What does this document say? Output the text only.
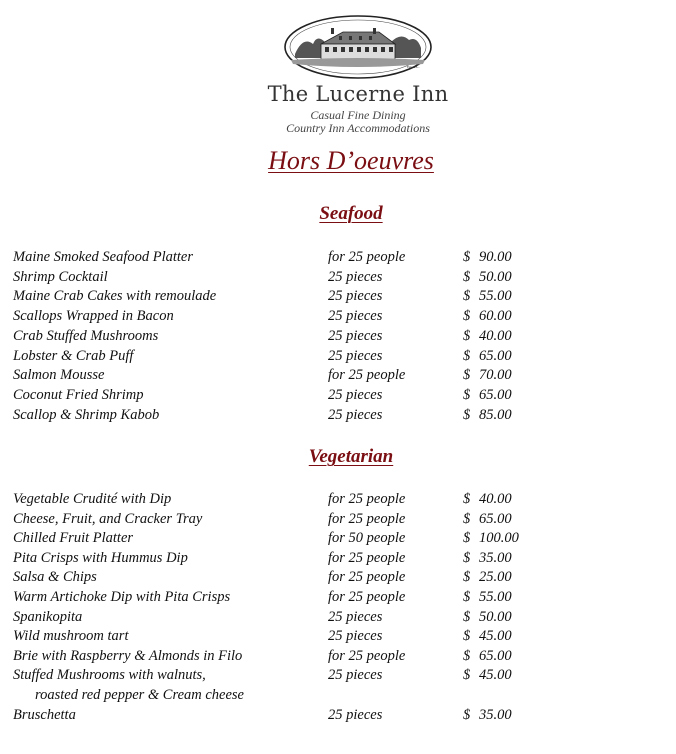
Est. 18--
The Lucerne Inn
Casual Fine Dining
Country Inn Accommodations
Hors D’oeuvres
Seafood
Vegetarian
Maine Smoked Seafood Platter	for 25 people	$ 90.00
Shrimp Cocktail	25 pieces	$ 50.00
Maine Crab Cakes with remoulade	25 pieces	$ 55.00
Scallops Wrapped in Bacon	25 pieces	$ 60.00
Crab Stuffed Mushrooms	25 pieces	$ 40.00
Lobster & Crab Puff	25 pieces	$ 65.00
Salmon Mousse	for 25 people	$ 70.00
Coconut Fried Shrimp	25 pieces	$ 65.00
Scallop & Shrimp Kabob	25 pieces	$ 85.00
Vegetable Crudité with Dip	for 25 people	$ 40.00
Cheese, Fruit, and Cracker Tray	for 25 people	$ 65.00
Chilled Fruit Platter	for 50 people	$ 100.00
Pita Crisps with Hummus Dip	for 25 people	$ 35.00
Salsa & Chips	for 25 people	$ 25.00
Warm Artichoke Dip with Pita Crisps	for 25 people	$ 55.00
Spanikopita	25 pieces	$ 50.00
Wild mushroom tart	25 pieces	$ 45.00
Brie with Raspberry & Almonds in Filo	for 25 people	$ 65.00
Stuffed Mushrooms with walnuts,	25 pieces	$ 45.00
roasted red pepper & Cream cheese
Bruschetta	25 pieces	$ 35.00
